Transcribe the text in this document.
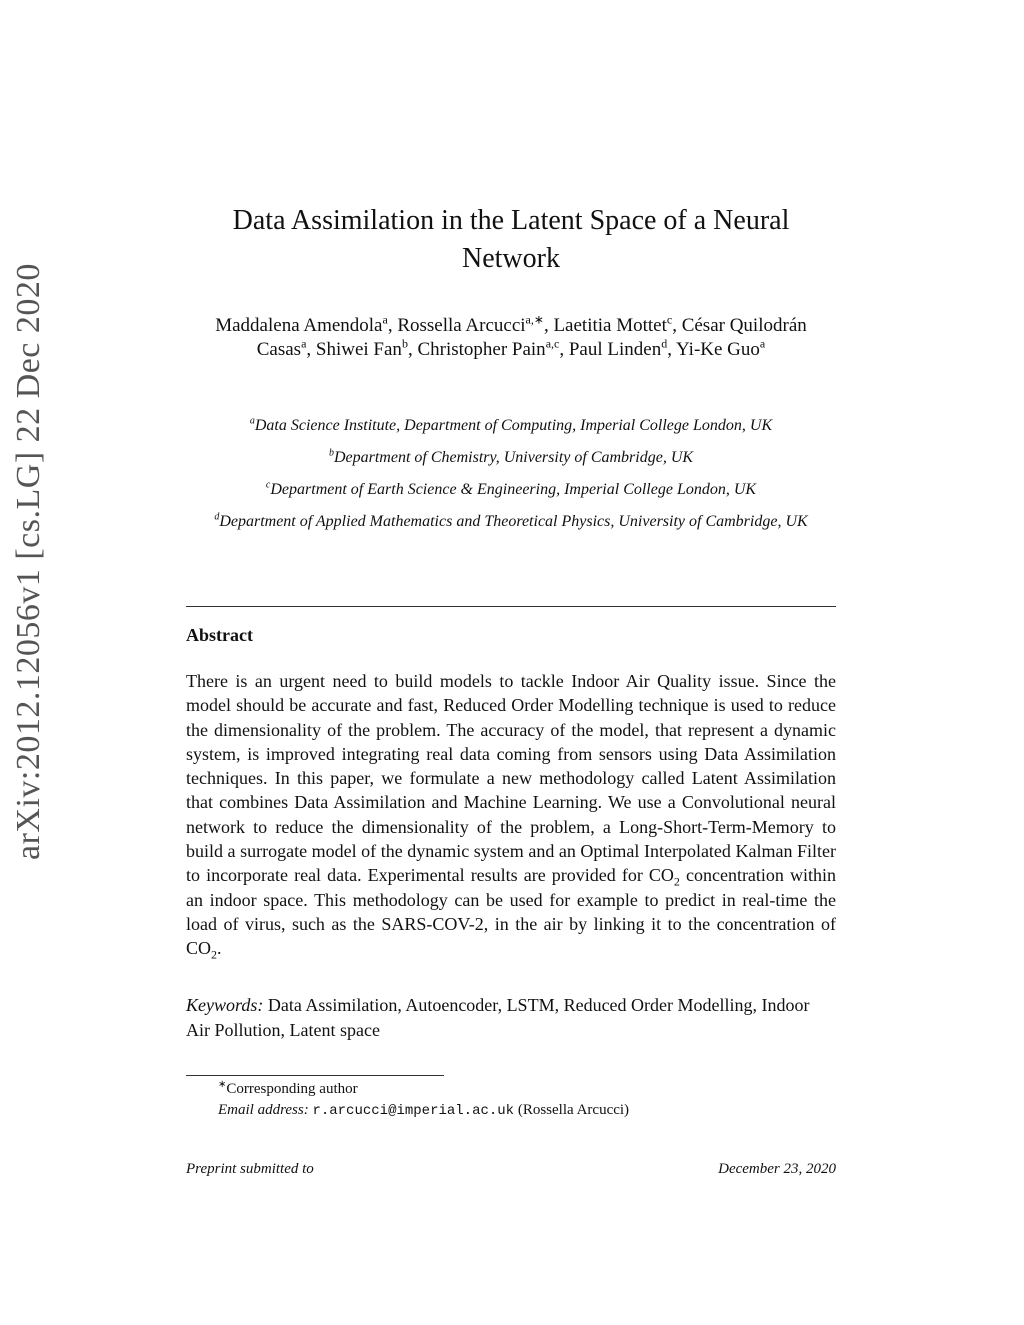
arXiv:2012.12056v1 [cs.LG] 22 Dec 2020
Data Assimilation in the Latent Space of a Neural
Network
Maddalena Amendola$^a$, Rossella Arcucci$^{a,∗}$, Laetitia Mottet$^c$, César Quilodrán Casas$^a$, Shiwei Fan$^b$, Christopher Pain$^{a,c}$, Paul Linden$^d$, Yi-Ke Guo$^a$
$^a$Data Science Institute, Department of Computing, Imperial College London, UK
$^b$Department of Chemistry, University of Cambridge, UK
$^c$Department of Earth Science & Engineering, Imperial College London, UK
$^d$Department of Applied Mathematics and Theoretical Physics, University of Cambridge, UK
Abstract
There is an urgent need to build models to tackle Indoor Air Quality issue. Since the model should be accurate and fast, Reduced Order Modelling technique is used to reduce the dimensionality of the problem. The accuracy of the model, that represent a dynamic system, is improved integrating real data coming from sensors using Data Assimilation techniques. In this paper, we formulate a new methodology called Latent Assimilation that combines Data Assimilation and Machine Learning. We use a Convolutional neural network to reduce the dimensionality of the problem, a Long-Short-Term-Memory to build a surrogate model of the dynamic system and an Optimal Interpolated Kalman Filter to incorporate real data. Experimental results are provided for $CO_2$ concentration within an indoor space. This methodology can be used for example to predict in real-time the load of virus, such as the SARS-COV-2, in the air by linking it to the concentration of $CO_2$.
Keywords: Data Assimilation, Autoencoder, LSTM, Reduced Order Modelling, Indoor Air Pollution, Latent space
∗Corresponding author
Email address: r.arcucci@imperial.ac.uk (Rossella Arcucci)
Preprint submitted to	December 23, 2020
